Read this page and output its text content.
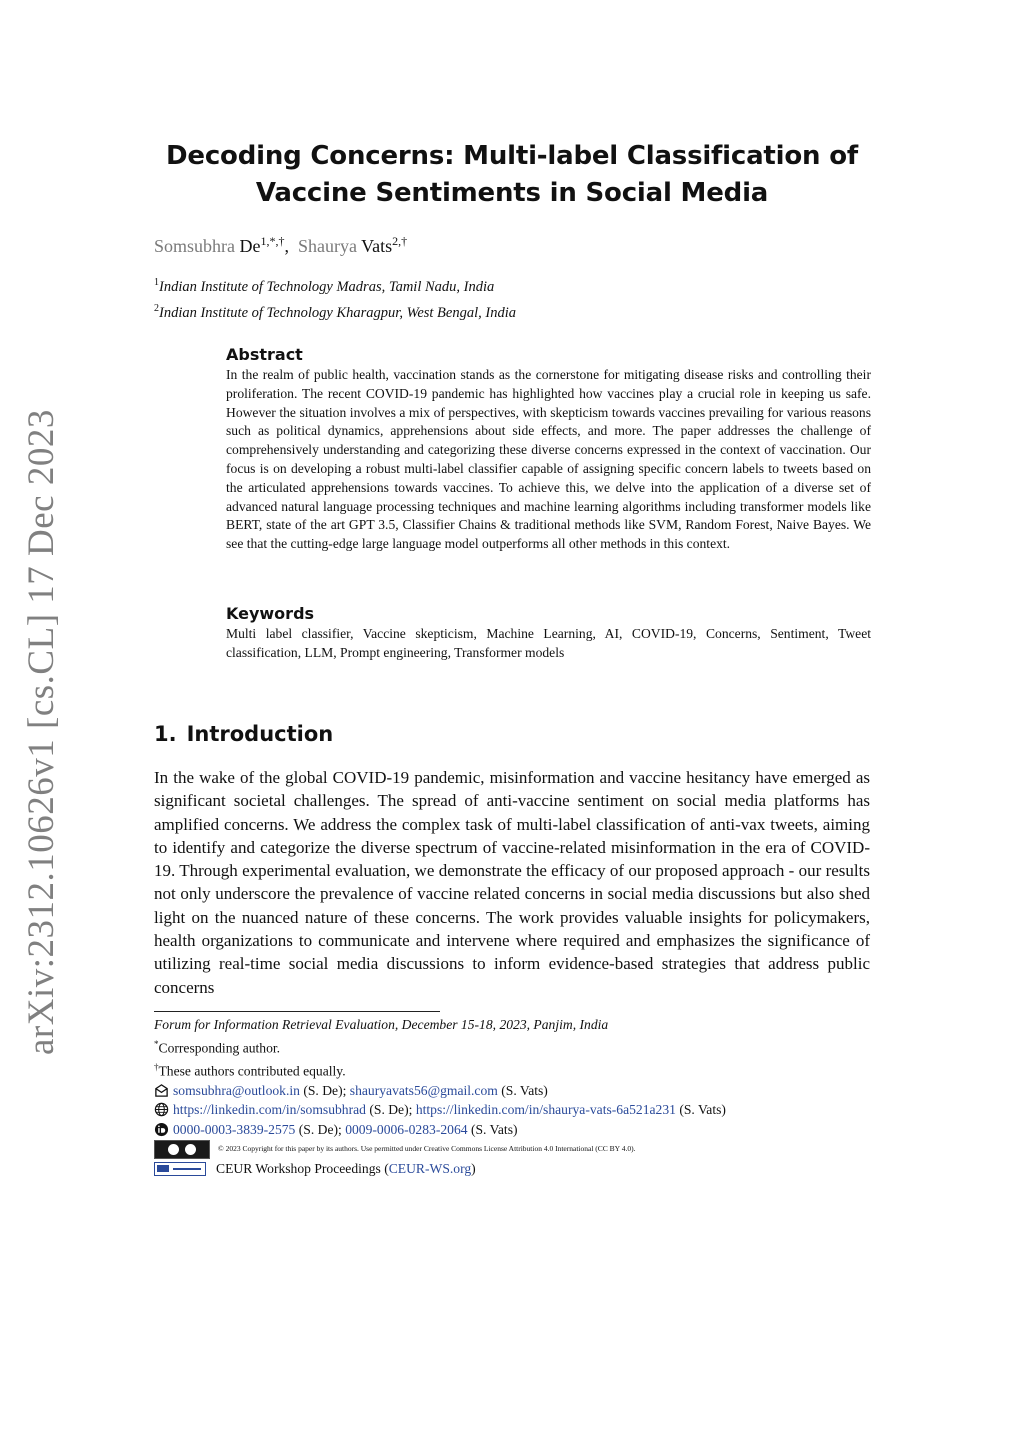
arXiv:2312.10626v1 [cs.CL] 17 Dec 2023
Decoding Concerns: Multi-label Classification of
Vaccine Sentiments in Social Media
Somsubhra $De^{1,*,\dagger}$,  Shaurya Vats$^{2,\dagger}$
$^1$Indian Institute of Technology Madras, Tamil Nadu, India
$^2$Indian Institute of Technology Kharagpur, West Bengal, India
Abstract

In the realm of public health, vaccination stands as the cornerstone for mitigating disease risks and controlling their proliferation. The recent COVID-19 pandemic has highlighted how vaccines play a crucial role in keeping us safe. However the situation involves a mix of perspectives, with skepticism towards vaccines prevailing for various reasons such as political dynamics, apprehensions about side effects, and more. The paper addresses the challenge of comprehensively understanding and categorizing these diverse concerns expressed in the context of vaccination. Our focus is on developing a robust multi-label classifier capable of assigning specific concern labels to tweets based on the articulated apprehensions towards vaccines. To achieve this, we delve into the application of a diverse set of advanced natural language processing techniques and machine learning algorithms including transformer models like BERT, state of the art GPT 3.5, Classifier Chains & traditional methods like SVM, Random Forest, Naive Bayes. We see that the cutting-edge large language model outperforms all other methods in this context.

Keywords

Multi label classifier, Vaccine skepticism, Machine Learning, AI, COVID-19, Concerns, Sentiment, Tweet classification, LLM, Prompt engineering, Transformer models

1. Introduction
In the wake of the global COVID-19 pandemic, misinformation and vaccine hesitancy have emerged as significant societal challenges. The spread of anti-vaccine sentiment on social media platforms has amplified concerns. We address the complex task of multi-label classification of anti-vax tweets, aiming to identify and categorize the diverse spectrum of vaccine-related misinformation in the era of COVID-19. Through experimental evaluation, we demonstrate the efficacy of our proposed approach - our results not only underscore the prevalence of vaccine related concerns in social media discussions but also shed light on the nuanced nature of these concerns. The work provides valuable insights for policymakers, health organizations to communicate and intervene where required and emphasizes the significance of utilizing real-time social media discussions to inform evidence-based strategies that address public concerns
Forum for Information Retrieval Evaluation, December 15-18, 2023, Panjim, India
*Corresponding author.
†These authors contributed equally.
somsubhra@outlook.in (S. De); shauryavats56@gmail.com (S. Vats)
https://linkedin.com/in/somsubhrad (S. De); https://linkedin.com/in/shaurya-vats-6a521a231 (S. Vats)
0000-0003-3839-2575 (S. De); 0009-0006-0283-2064 (S. Vats)
© 2023 Copyright for this paper by its authors. Use permitted under Creative Commons License Attribution 4.0 International (CC BY 4.0).
CEUR Workshop Proceedings ( CEUR-WS.org )
